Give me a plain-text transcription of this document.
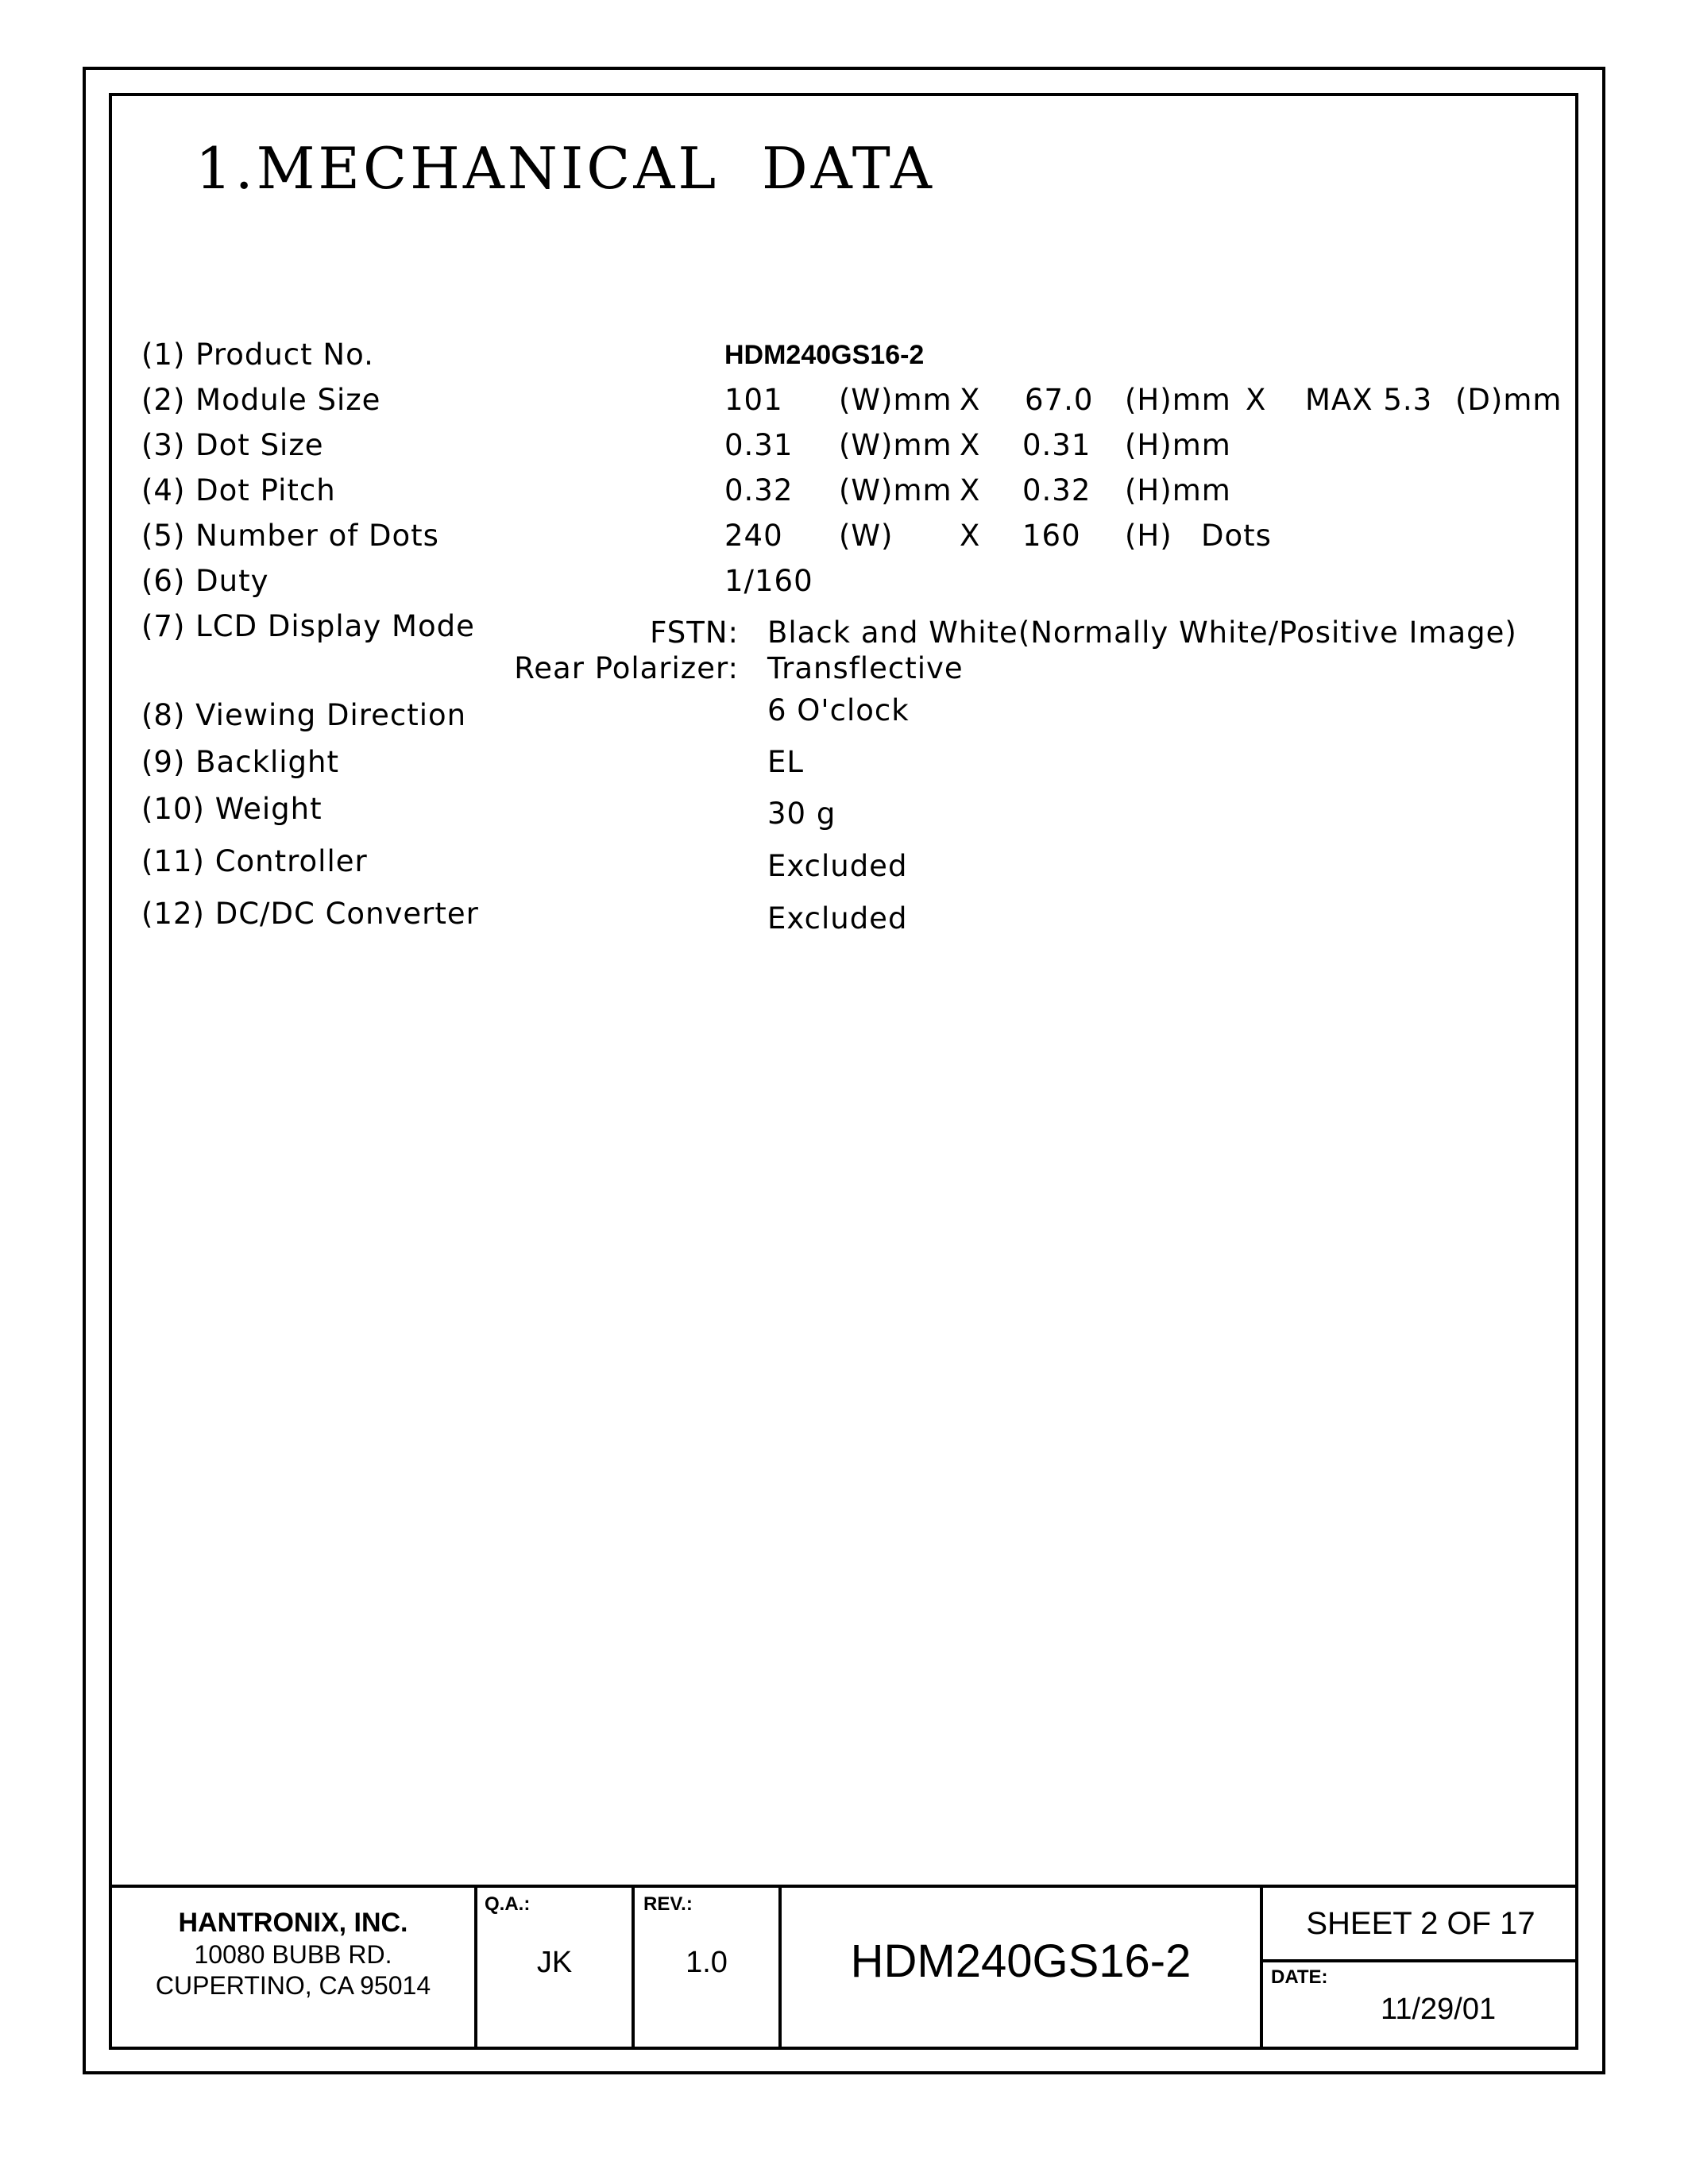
1.MECHANICAL  DATA
(1) Product No.
(2) Module Size
(3) Dot Size
(4) Dot Pitch
(5) Number of Dots
(6) Duty
(7) LCD Display Mode
(8) Viewing Direction
(9) Backlight
(10) Weight
(11) Controller
(12) DC/DC Converter
HDM240GS16-2
101 (W)mm X 67.0 (H)mm X MAX 5.3 (D)mm
0.31 (W)mm X 0.31 (H)mm
0.32 (W)mm X 0.32 (H)mm
240 (W) X 160 (H) Dots
1/160
FSTN: Black and White(Normally White/Positive Image)
Rear Polarizer: Transflective
6 O'clock
EL
30 g
Excluded
Excluded
HANTRONIX, INC.
10080 BUBB RD.
CUPERTINO, CA 95014
Q.A.:
JK
REV.:
1.0	HDM240GS16-2
SHEET 2 OF 17
DATE:
11/29/01
